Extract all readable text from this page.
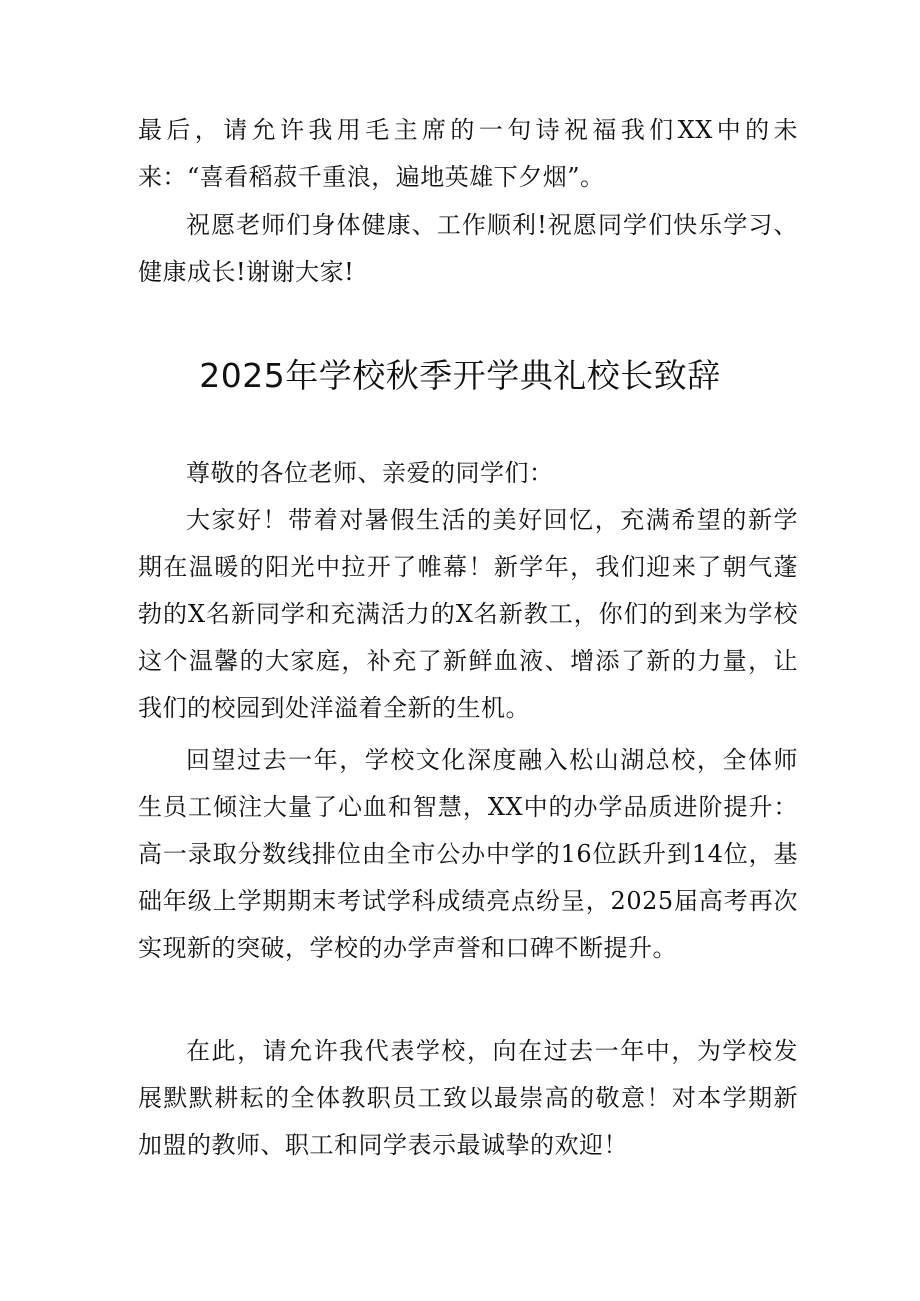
最后，请允许我用毛主席的一句诗祝福我们XX中的未来：“喜看稻菽千重浪，遍地英雄下夕烟”。

祝愿老师们身体健康、工作顺利!祝愿同学们快乐学习、健康成长!谢谢大家!

2025年学校秋季开学典礼校长致辞

尊敬的各位老师、亲爱的同学们：

大家好！带着对暑假生活的美好回忆，充满希望的新学期在温暖的阳光中拉开了帷幕！新学年，我们迎来了朝气蓬勃的X名新同学和充满活力的X名新教工，你们的到来为学校这个温馨的大家庭，补充了新鲜血液、增添了新的力量，让我们的校园到处洋溢着全新的生机。

回望过去一年，学校文化深度融入松山湖总校，全体师生员工倾注大量了心血和智慧，XX中的办学品质进阶提升：高一录取分数线排位由全市公办中学的16位跃升到14位，基础年级上学期期末考试学科成绩亮点纷呈，2025届高考再次实现新的突破，学校的办学声誉和口碑不断提升。

在此，请允许我代表学校，向在过去一年中，为学校发展默默耕耘的全体教职员工致以最崇高的敬意！对本学期新加盟的教师、职工和同学表示最诚挚的欢迎！
